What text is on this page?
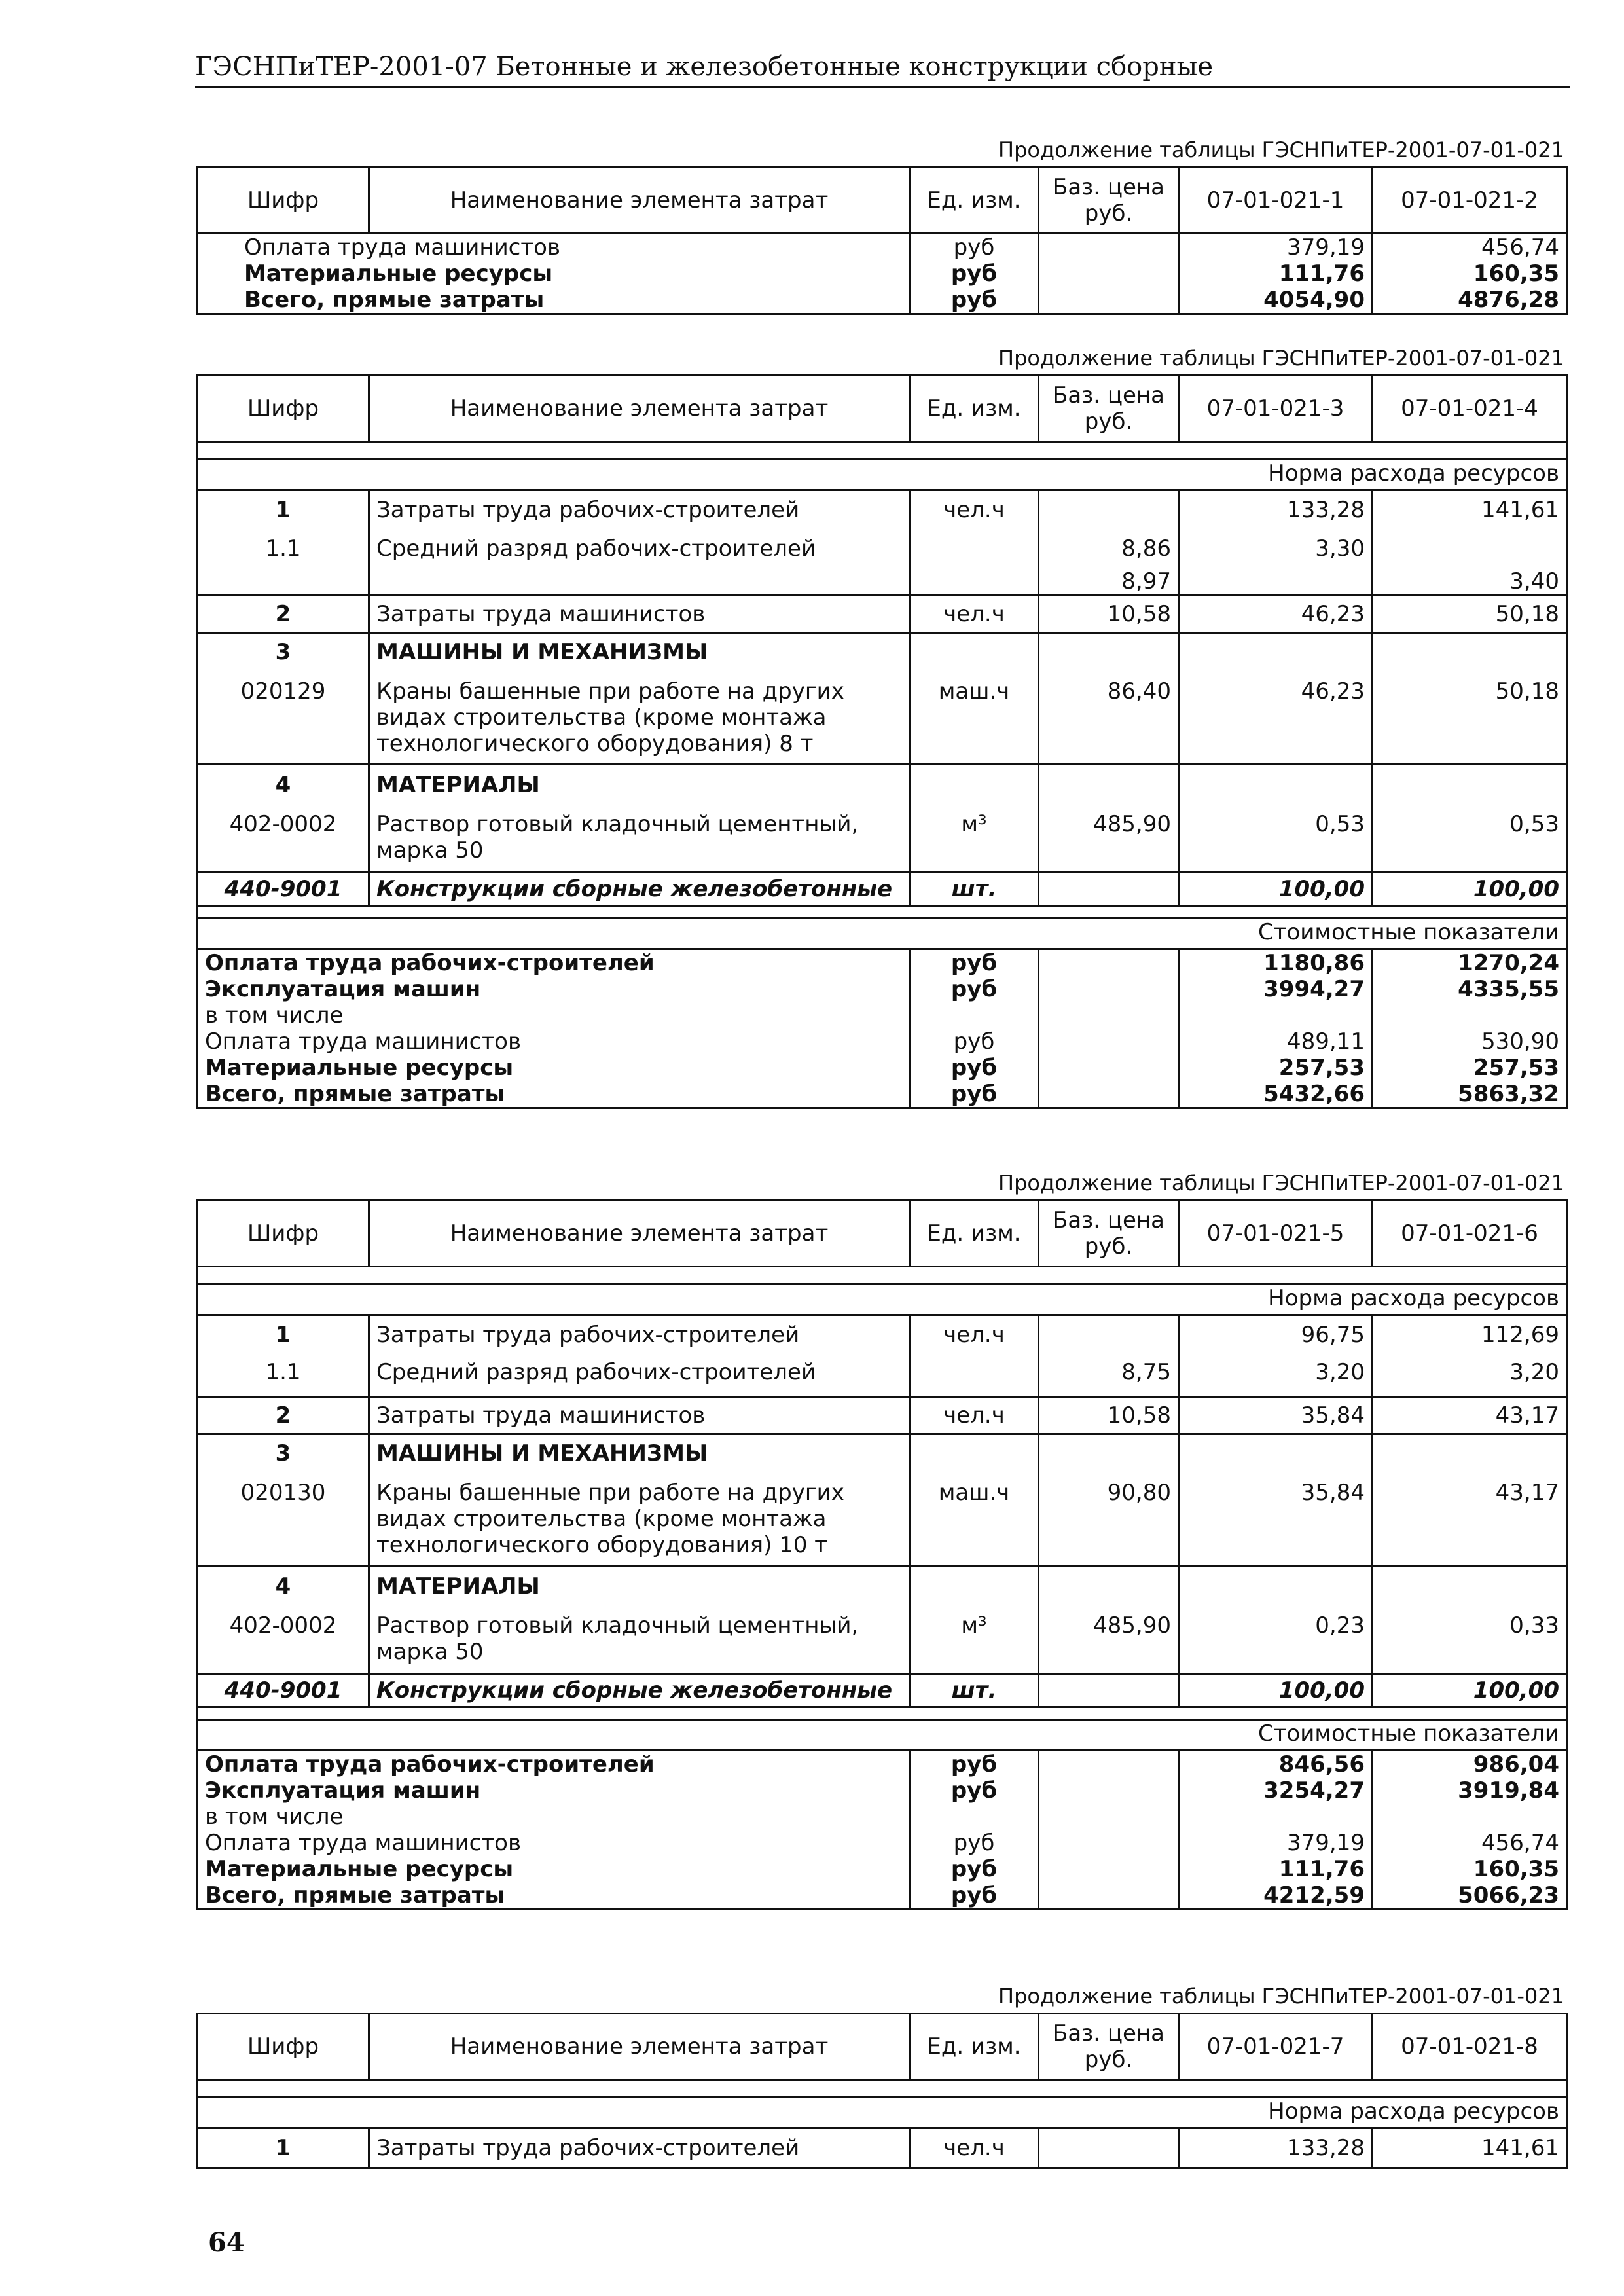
ГЭСНПиТЕР-2001-07 Бетонные и железобетонные конструкции сборные
Продолжение таблицы ГЭСНПиТЕР-2001-07-01-021
Шифр	Наименование элемента затрат	Ед. изм.	Баз. цена руб.	07-01-021-1	07-01-021-2
Оплата труда машинистов		руб		379,19	456,74
Материальные ресурсы		руб		111,76	160,35
Всего, прямые затраты		руб		4054,90	4876,28
Продолжение таблицы ГЭСНПиТЕР-2001-07-01-021
Шифр	Наименование элемента затрат	Ед. изм.	Баз. цена руб.	07-01-021-3	07-01-021-4

Норма расхода ресурсов					
1	Затраты труда рабочих-строителей	чел.ч		133,28	141,61
1.1	Средний разряд рабочих-строителей		8,86	3,30	
			8,97		3,40
2	Затраты труда машинистов	чел.ч	10,58	46,23	50,18
3	МАШИНЫ И МЕХАНИЗМЫ				
020129	Краны башенные при работе на других видах строительства (кроме монтажа технологического оборудования) 8 т	маш.ч	86,40	46,23	50,18
4	МАТЕРИАЛЫ				
402-0002	Раствор готовый кладочный цементный, марка 50	м³	485,90	0,53	0,53
440-9001	Конструкции сборные железобетонные	шт.		100,00	100,00

Стоимостные показатели					
Оплата труда рабочих-строителей		руб		1180,86	1270,24
Эксплуатация машин		руб		3994,27	4335,55
в том числе					
Оплата труда машинистов		руб		489,11	530,90
Материальные ресурсы		руб		257,53	257,53
Всего, прямые затраты		руб		5432,66	5863,32
Продолжение таблицы ГЭСНПиТЕР-2001-07-01-021
Шифр	Наименование элемента затрат	Ед. изм.	Баз. цена руб.	07-01-021-5	07-01-021-6

Норма расхода ресурсов					
1	Затраты труда рабочих-строителей	чел.ч		96,75	112,69
1.1	Средний разряд рабочих-строителей		8,75	3,20	3,20
2	Затраты труда машинистов	чел.ч	10,58	35,84	43,17
3	МАШИНЫ И МЕХАНИЗМЫ				
020130	Краны башенные при работе на других видах строительства (кроме монтажа технологического оборудования) 10 т	маш.ч	90,80	35,84	43,17
4	МАТЕРИАЛЫ				
402-0002	Раствор готовый кладочный цементный, марка 50	м³	485,90	0,23	0,33
440-9001	Конструкции сборные железобетонные	шт.		100,00	100,00

Стоимостные показатели					
Оплата труда рабочих-строителей		руб		846,56	986,04
Эксплуатация машин		руб		3254,27	3919,84
в том числе					
Оплата труда машинистов		руб		379,19	456,74
Материальные ресурсы		руб		111,76	160,35
Всего, прямые затраты		руб		4212,59	5066,23
Продолжение таблицы ГЭСНПиТЕР-2001-07-01-021
Шифр	Наименование элемента затрат	Ед. изм.	Баз. цена руб.	07-01-021-7	07-01-021-8

Норма расхода ресурсов					
1	Затраты труда рабочих-строителей	чел.ч		133,28	141,61
64
